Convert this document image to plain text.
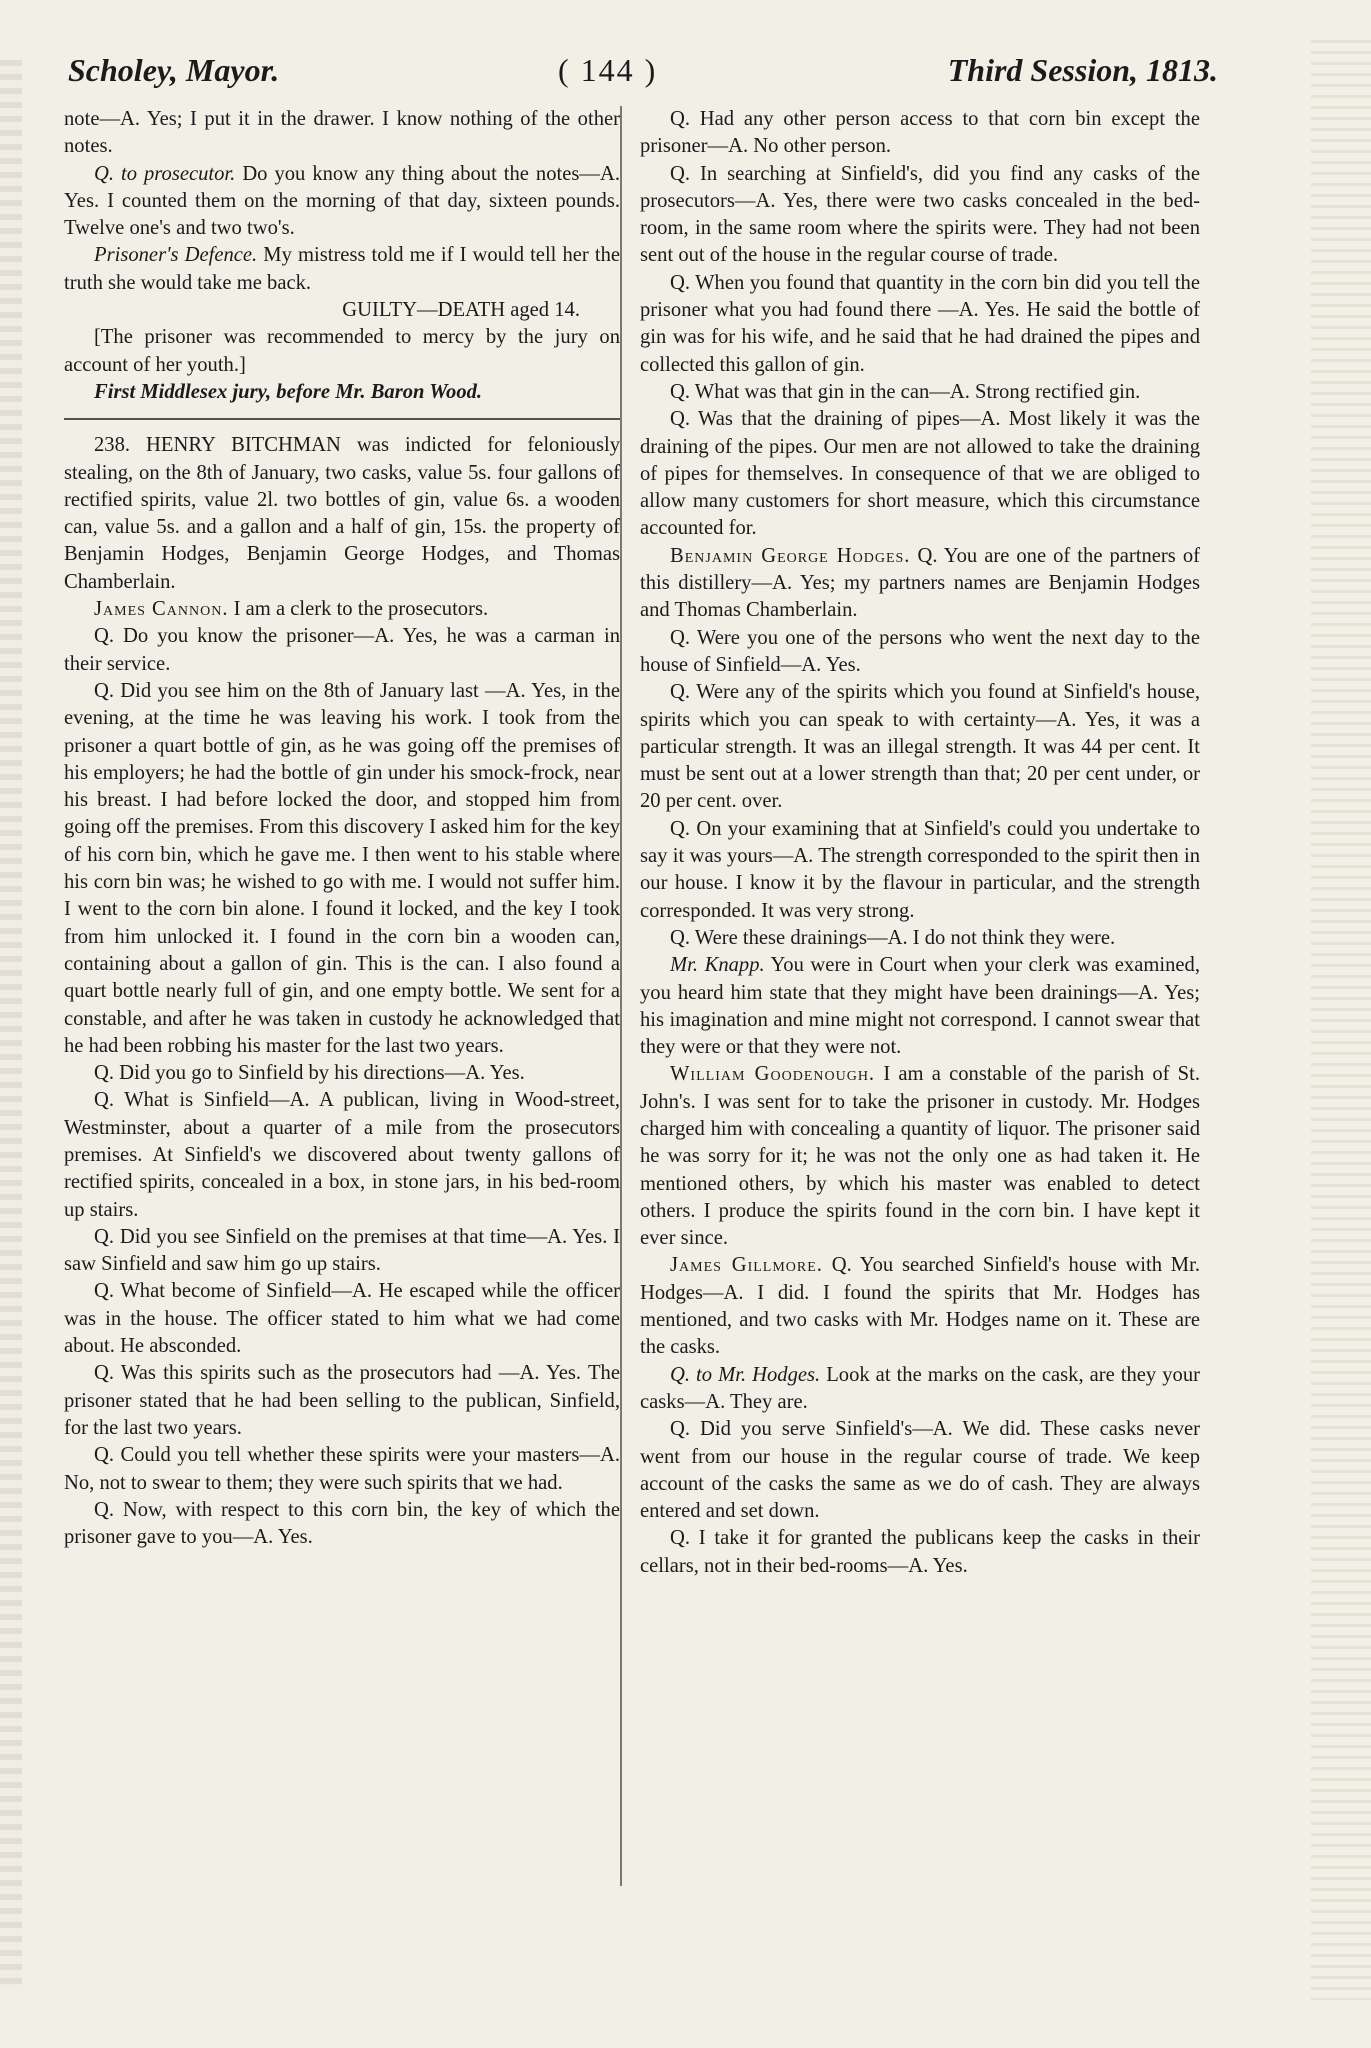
Scholey, Mayor.	( 144 )	Third Session, 1813.

note—A. Yes; I put it in the drawer. I know nothing of the other notes.

Q. to prosecutor. Do you know any thing about the notes—A. Yes. I counted them on the morning of that day, sixteen pounds. Twelve one's and two two's.

Prisoner's Defence. My mistress told me if I would tell her the truth she would take me back.

GUILTY—DEATH aged 14.

[The prisoner was recommended to mercy by the jury on account of her youth.]

First Middlesex jury, before Mr. Baron Wood.

238. HENRY BITCHMAN was indicted for feloniously stealing, on the 8th of January, two casks, value 5s. four gallons of rectified spirits, value 2l. two bottles of gin, value 6s. a wooden can, value 5s. and a gallon and a half of gin, 15s. the property of Benjamin Hodges, Benjamin George Hodges, and Thomas Chamberlain.

James Cannon. I am a clerk to the prosecutors.

Q. Do you know the prisoner—A. Yes, he was a carman in their service.

Q. Did you see him on the 8th of January last —A. Yes, in the evening, at the time he was leaving his work. I took from the prisoner a quart bottle of gin, as he was going off the premises of his employers; he had the bottle of gin under his smock-frock, near his breast. I had before locked the door, and stopped him from going off the premises. From this discovery I asked him for the key of his corn bin, which he gave me. I then went to his stable where his corn bin was; he wished to go with me. I would not suffer him. I went to the corn bin alone. I found it locked, and the key I took from him unlocked it. I found in the corn bin a wooden can, containing about a gallon of gin. This is the can. I also found a quart bottle nearly full of gin, and one empty bottle. We sent for a constable, and after he was taken in custody he acknowledged that he had been robbing his master for the last two years.

Q. Did you go to Sinfield by his directions—A. Yes.

Q. What is Sinfield—A. A publican, living in Wood-street, Westminster, about a quarter of a mile from the prosecutors premises. At Sinfield's we discovered about twenty gallons of rectified spirits, concealed in a box, in stone jars, in his bed-room up stairs.

Q. Did you see Sinfield on the premises at that time—A. Yes. I saw Sinfield and saw him go up stairs.

Q. What become of Sinfield—A. He escaped while the officer was in the house. The officer stated to him what we had come about. He absconded.

Q. Was this spirits such as the prosecutors had —A. Yes. The prisoner stated that he had been selling to the publican, Sinfield, for the last two years.

Q. Could you tell whether these spirits were your masters—A. No, not to swear to them; they were such spirits that we had.

Q. Now, with respect to this corn bin, the key of which the prisoner gave to you—A. Yes.

Q. Had any other person access to that corn bin except the prisoner—A. No other person.

Q. In searching at Sinfield's, did you find any casks of the prosecutors—A. Yes, there were two casks concealed in the bed-room, in the same room where the spirits were. They had not been sent out of the house in the regular course of trade.

Q. When you found that quantity in the corn bin did you tell the prisoner what you had found there —A. Yes. He said the bottle of gin was for his wife, and he said that he had drained the pipes and collected this gallon of gin.

Q. What was that gin in the can—A. Strong rectified gin.

Q. Was that the draining of pipes—A. Most likely it was the draining of the pipes. Our men are not allowed to take the draining of pipes for themselves. In consequence of that we are obliged to allow many customers for short measure, which this circumstance accounted for.

Benjamin George Hodges. Q. You are one of the partners of this distillery—A. Yes; my partners names are Benjamin Hodges and Thomas Chamberlain.

Q. Were you one of the persons who went the next day to the house of Sinfield—A. Yes.

Q. Were any of the spirits which you found at Sinfield's house, spirits which you can speak to with certainty—A. Yes, it was a particular strength. It was an illegal strength. It was 44 per cent. It must be sent out at a lower strength than that; 20 per cent under, or 20 per cent. over.

Q. On your examining that at Sinfield's could you undertake to say it was yours—A. The strength corresponded to the spirit then in our house. I know it by the flavour in particular, and the strength corresponded. It was very strong.

Q. Were these drainings—A. I do not think they were.

Mr. Knapp. You were in Court when your clerk was examined, you heard him state that they might have been drainings—A. Yes; his imagination and mine might not correspond. I cannot swear that they were or that they were not.

William Goodenough. I am a constable of the parish of St. John's. I was sent for to take the prisoner in custody. Mr. Hodges charged him with concealing a quantity of liquor. The prisoner said he was sorry for it; he was not the only one as had taken it. He mentioned others, by which his master was enabled to detect others. I produce the spirits found in the corn bin. I have kept it ever since.

James Gillmore. Q. You searched Sinfield's house with Mr. Hodges—A. I did. I found the spirits that Mr. Hodges has mentioned, and two casks with Mr. Hodges name on it. These are the casks.

Q. to Mr. Hodges. Look at the marks on the cask, are they your casks—A. They are.

Q. Did you serve Sinfield's—A. We did. These casks never went from our house in the regular course of trade. We keep account of the casks the same as we do of cash. They are always entered and set down.

Q. I take it for granted the publicans keep the casks in their cellars, not in their bed-rooms—A. Yes.
